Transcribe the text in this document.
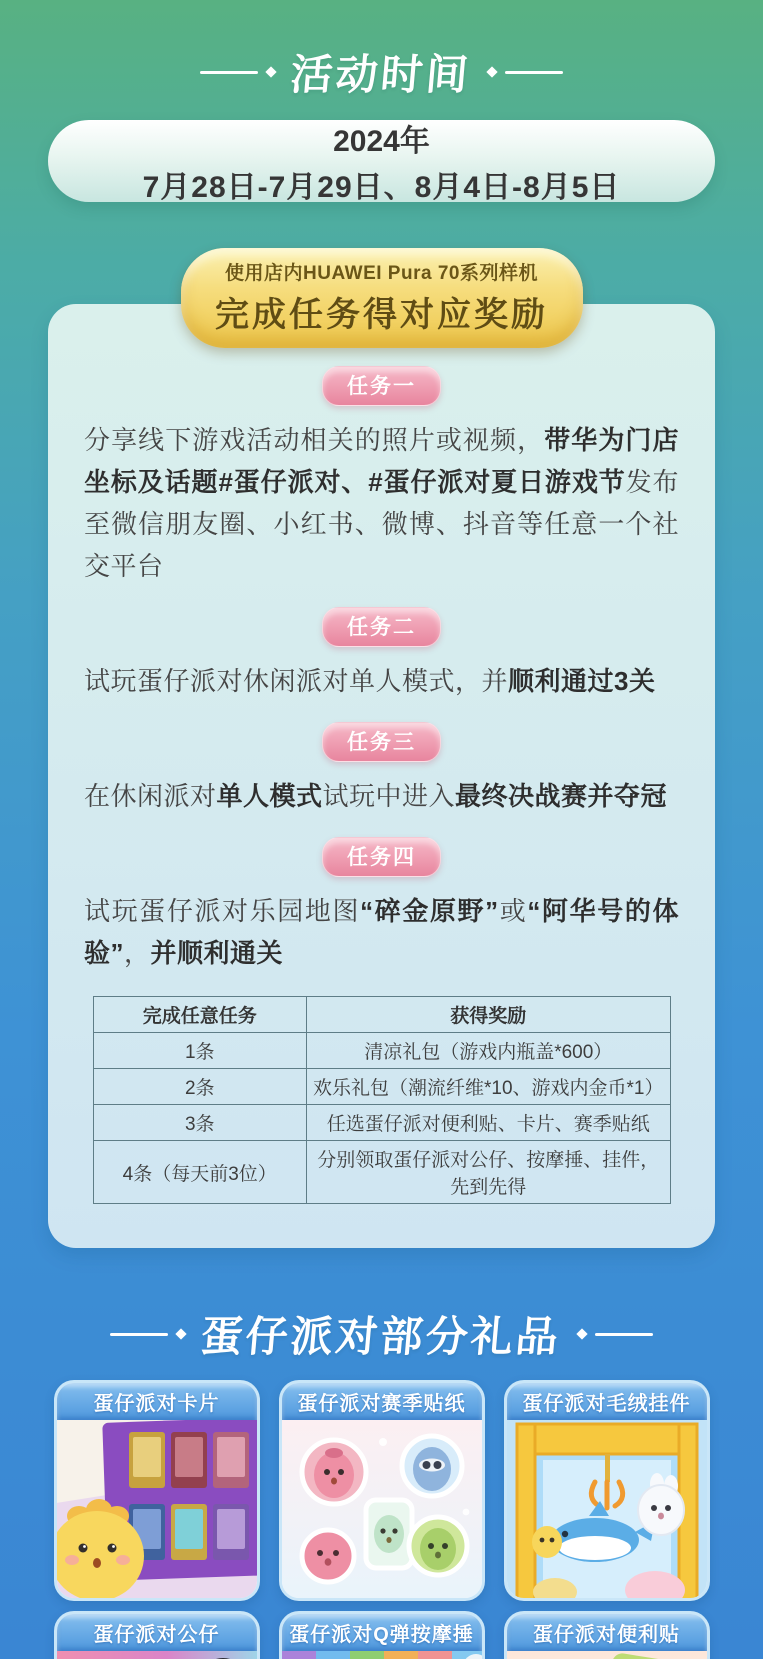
活动时间
2024年
7月28日-7月29日、8月4日-8月5日
使用店内HUAWEI Pura 70系列样机
完成任务得对应奖励
任务一

分享线下游戏活动相关的照片或视频，带华为门店坐标及话题#蛋仔派对、#蛋仔派对夏日游戏节发布至微信朋友圈、小红书、微博、抖音等任意一个社交平台

任务二

试玩蛋仔派对休闲派对单人模式，并顺利通过3关

任务三

在休闲派对单人模式试玩中进入最终决战赛并夺冠

任务四

试玩蛋仔派对乐园地图“碎金原野”或“阿华号的体验”，并顺利通关

完成任意任务	获得奖励
1条	清凉礼包（游戏内瓶盖*600）
2条	欢乐礼包（潮流纤维*10、游戏内金币*1）
3条	任选蛋仔派对便利贴、卡片、赛季贴纸
4条（每天前3位）	分别领取蛋仔派对公仔、按摩捶、挂件，先到先得
蛋仔派对部分礼品
蛋仔派对卡片	蛋仔派对赛季贴纸	蛋仔派对毛绒挂件
蛋仔派对公仔	蛋仔派对Q弹按摩捶	蛋仔派对便利贴
